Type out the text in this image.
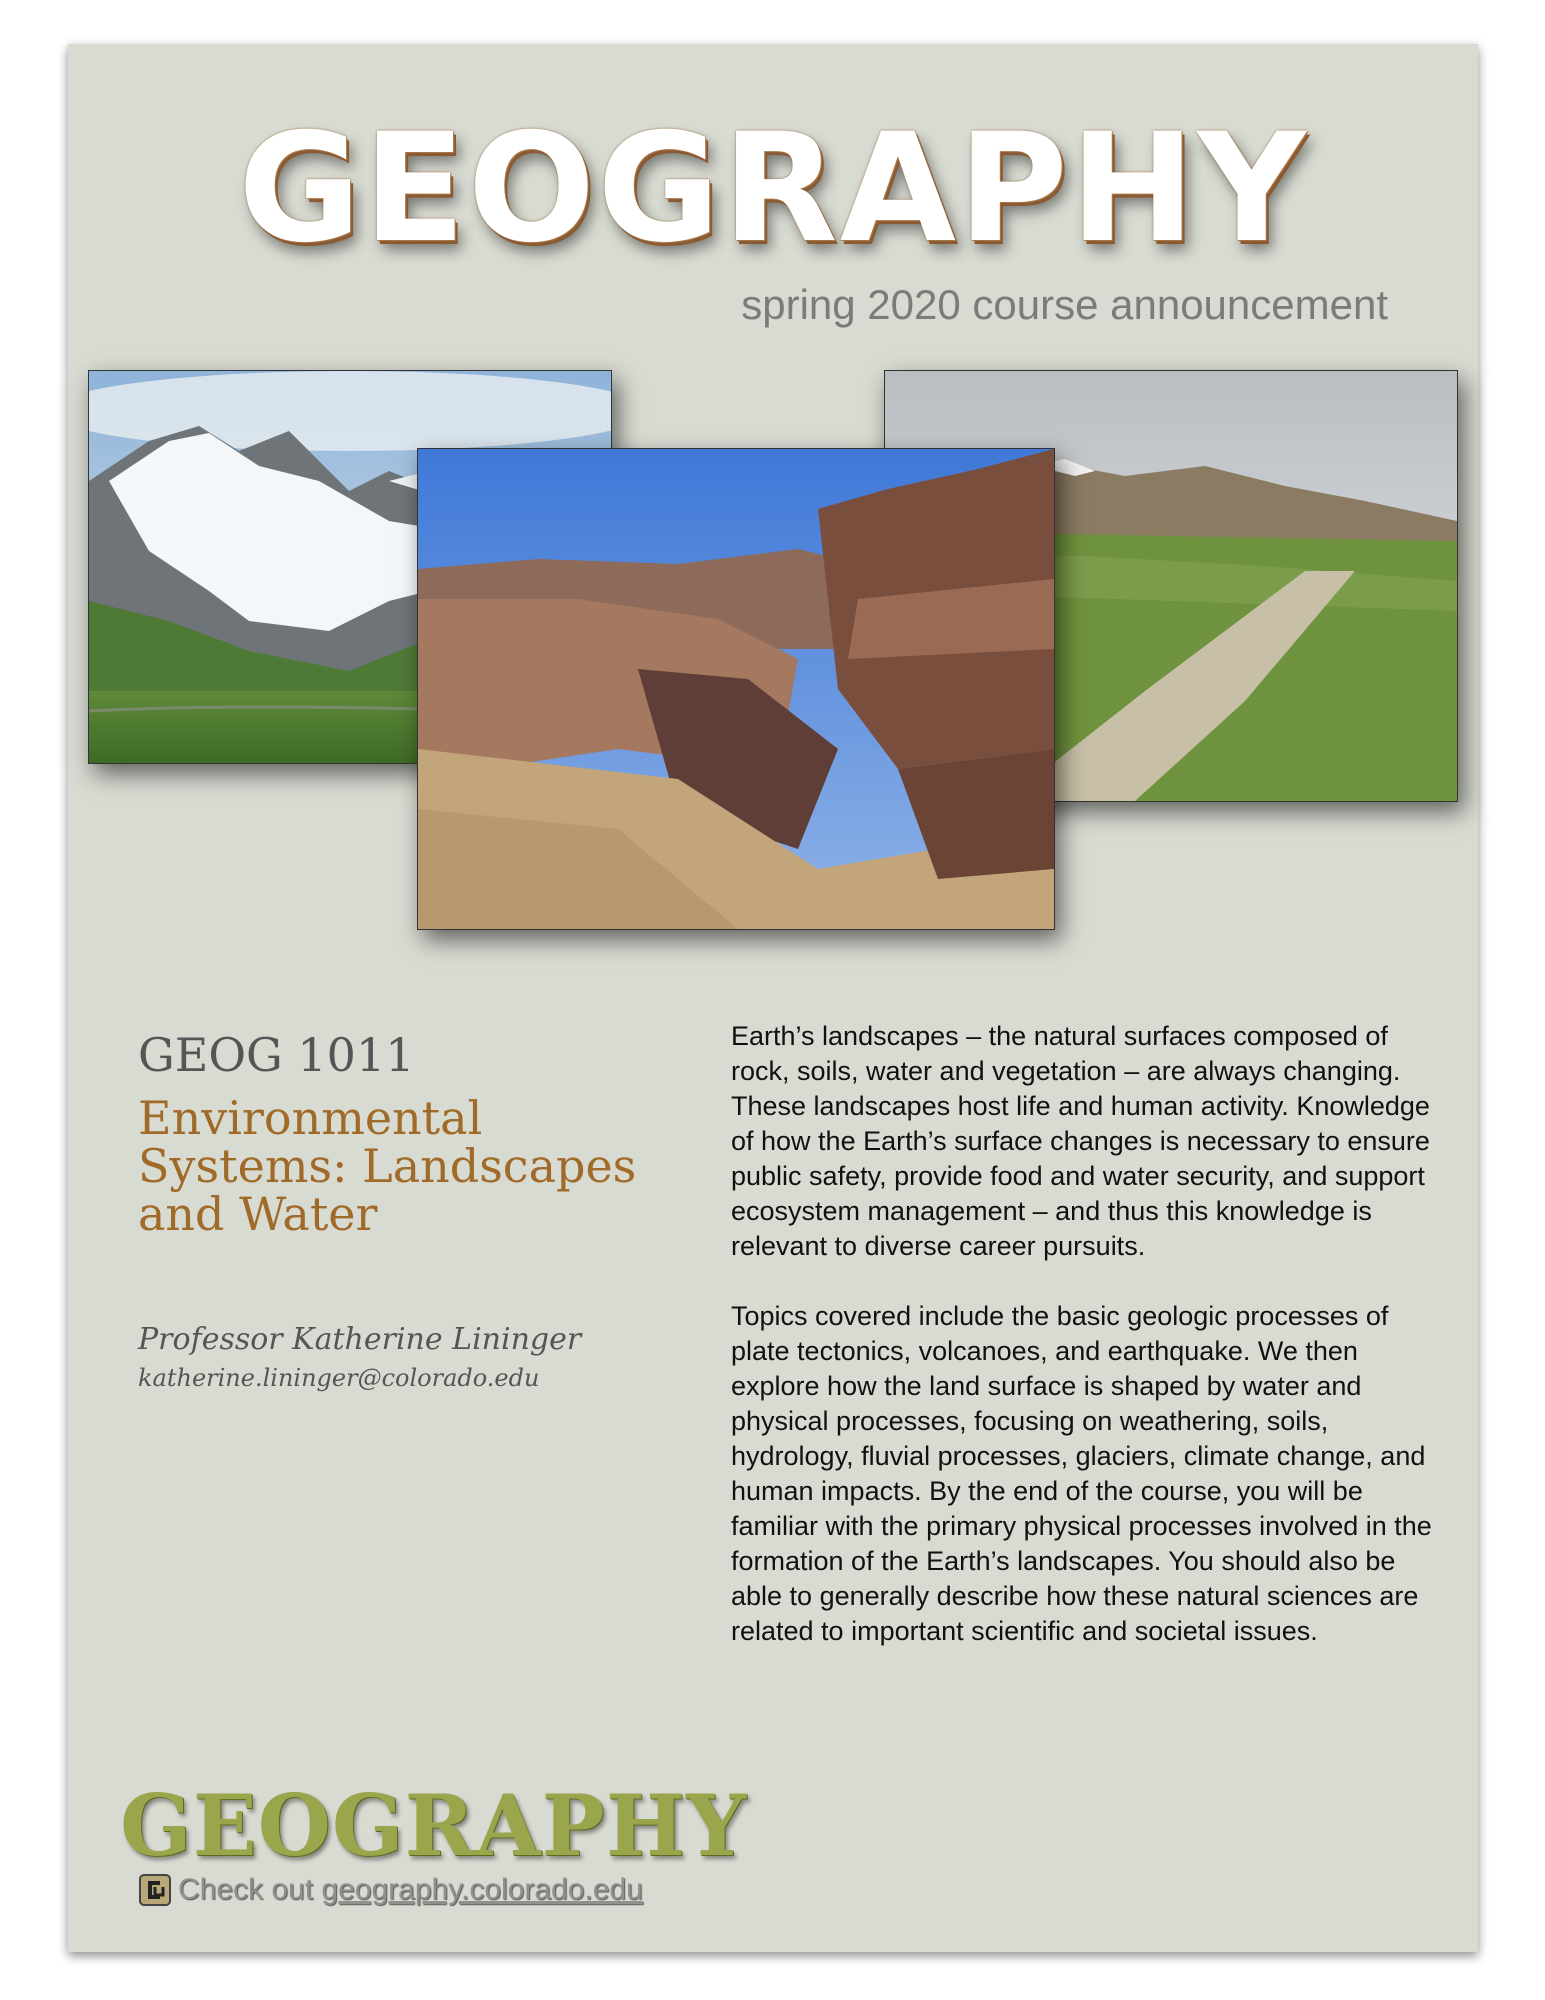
GEOGRAPHY
spring 2020 course announcement
GEOG 1011
Environmental Systems: Landscapes and Water
Professor Katherine Lininger
katherine.lininger@colorado.edu

Earth’s landscapes – the natural surfaces composed of rock, soils, water and vegetation – are always changing. These landscapes host life and human activity. Knowledge of how the Earth’s surface changes is necessary to ensure public safety, provide food and water security, and support ecosystem management – and thus this knowledge is relevant to diverse career pursuits.

Topics covered include the basic geologic processes of plate tectonics, volcanoes, and earthquake. We then explore how the land surface is shaped by water and physical processes, focusing on weathering, soils, hydrology, fluvial processes, glaciers, climate change, and human impacts. By the end of the course, you will be familiar with the primary physical processes involved in the formation of the Earth’s landscapes. You should also be able to generally describe how these natural sciences are related to important scientific and societal issues.

GEOGRAPHY
Check out geography.colorado.edu
